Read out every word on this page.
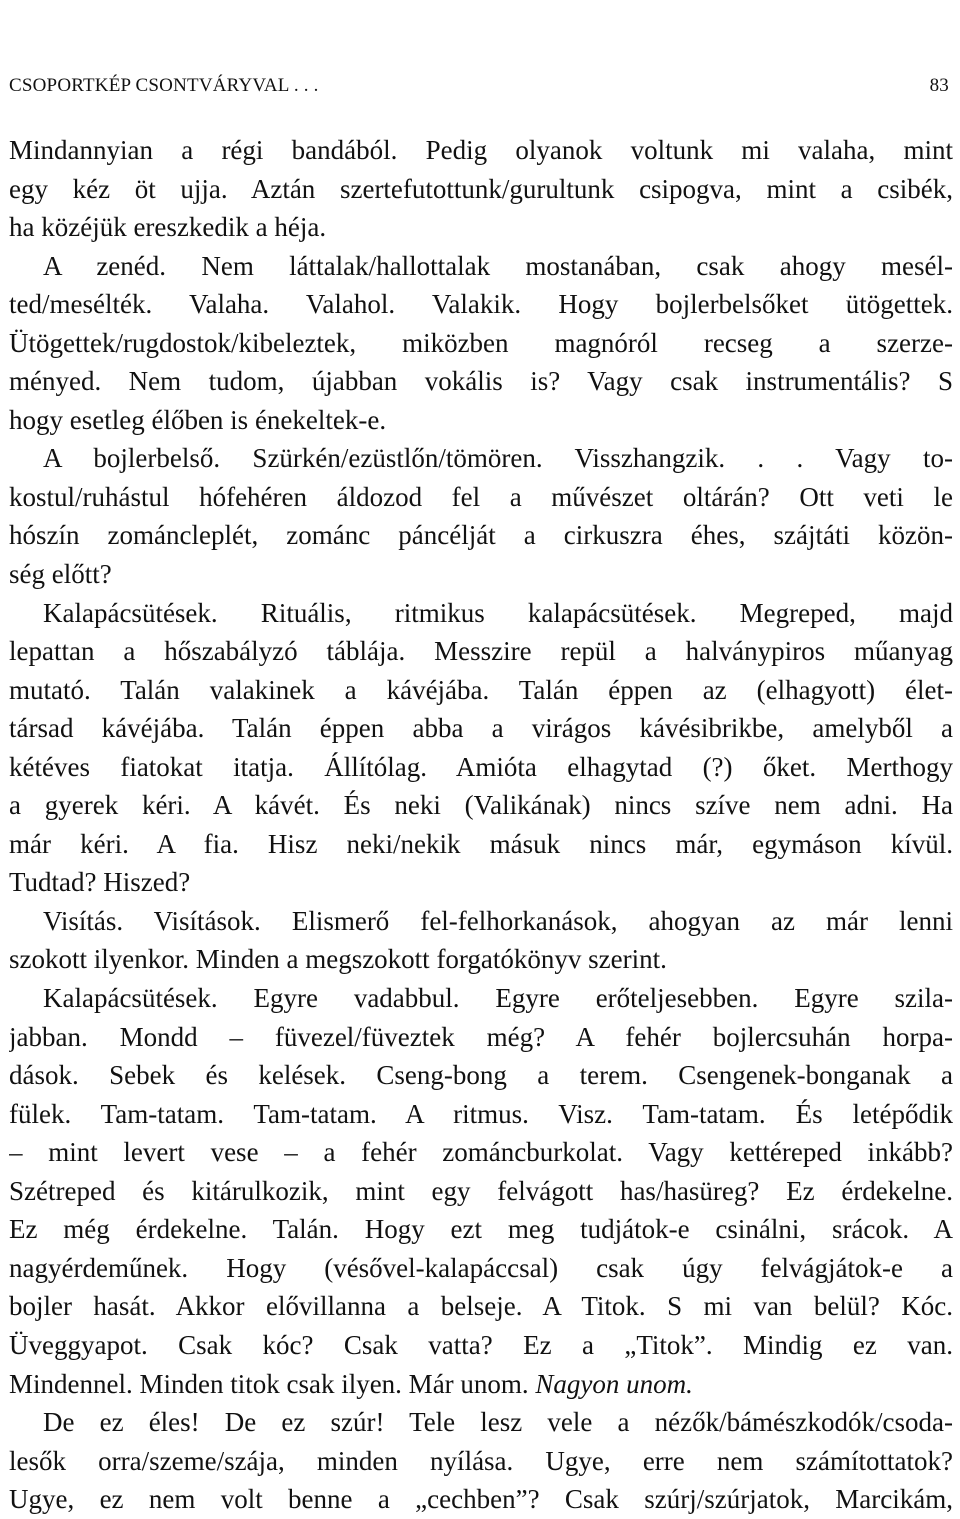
CSOPORTKÉP CSONTVÁRYVAL . . .	83
Mindannyian a régi bandából. Pedig olyanok voltunk mi valaha, mint
egy kéz öt ujja. Aztán szertefutottunk/gurultunk csipogva, mint a csibék,
ha közéjük ereszkedik a héja.
A zenéd. Nem láttalak/hallottalak mostanában, csak ahogy mesél-
ted/mesélték. Valaha. Valahol. Valakik. Hogy bojlerbelsőket ütögettek.
Ütögettek/rugdostok/kibeleztek, miközben magnóról recseg a szerze-
ményed. Nem tudom, újabban vokális is? Vagy csak instrumentális? S
hogy esetleg élőben is énekeltek-e.
A bojlerbelső. Szürkén/ezüstlőn/tömören. Visszhangzik. . . Vagy to-
kostul/ruhástul hófehéren áldozod fel a művészet oltárán? Ott veti le
hószín zománcleplét, zománc páncélját a cirkuszra éhes, szájtáti közön-
ség előtt?
Kalapácsütések. Rituális, ritmikus kalapácsütések. Megreped, majd
lepattan a hőszabályzó táblája. Messzire repül a halványpiros műanyag
mutató. Talán valakinek a kávéjába. Talán éppen az (elhagyott) élet-
társad kávéjába. Talán éppen abba a virágos kávésibrikbe, amelyből a
kétéves fiatokat itatja. Állítólag. Amióta elhagytad (?) őket. Merthogy
a gyerek kéri. A kávét. És neki (Valikának) nincs szíve nem adni. Ha
már kéri. A fia. Hisz neki/nekik másuk nincs már, egymáson kívül.
Tudtad? Hiszed?
Visítás. Visítások. Elismerő fel-felhorkanások, ahogyan az már lenni
szokott ilyenkor. Minden a megszokott forgatókönyv szerint.
Kalapácsütések. Egyre vadabbul. Egyre erőteljesebben. Egyre szila-
jabban. Mondd – füvezel/füveztek még? A fehér bojlercsuhán horpa-
dások. Sebek és kelések. Cseng-bong a terem. Csengenek-bonganak a
fülek. Tam-tatam. Tam-tatam. A ritmus. Visz. Tam-tatam. És letépődik
– mint levert vese – a fehér zománcburkolat. Vagy kettéreped inkább?
Szétreped és kitárulkozik, mint egy felvágott has/hasüreg? Ez érdekelne.
Ez még érdekelne. Talán. Hogy ezt meg tudjátok-e csinálni, srácok. A
nagyérdeműnek. Hogy (vésővel-kalapáccsal) csak úgy felvágjátok-e a
bojler hasát. Akkor elővillanna a belseje. A Titok. S mi van belül? Kóc.
Üveggyapot. Csak kóc? Csak vatta? Ez a „Titok”. Mindig ez van.
Mindennel. Minden titok csak ilyen. Már unom. Nagyon unom.
De ez éles! De ez szúr! Tele lesz vele a nézők/bámészkodók/csoda-
lesők orra/szeme/szája, minden nyílása. Ugye, erre nem számítottatok?
Ugye, ez nem volt benne a „cechben”? Csak szúrj/szúrjatok, Marcikám,
